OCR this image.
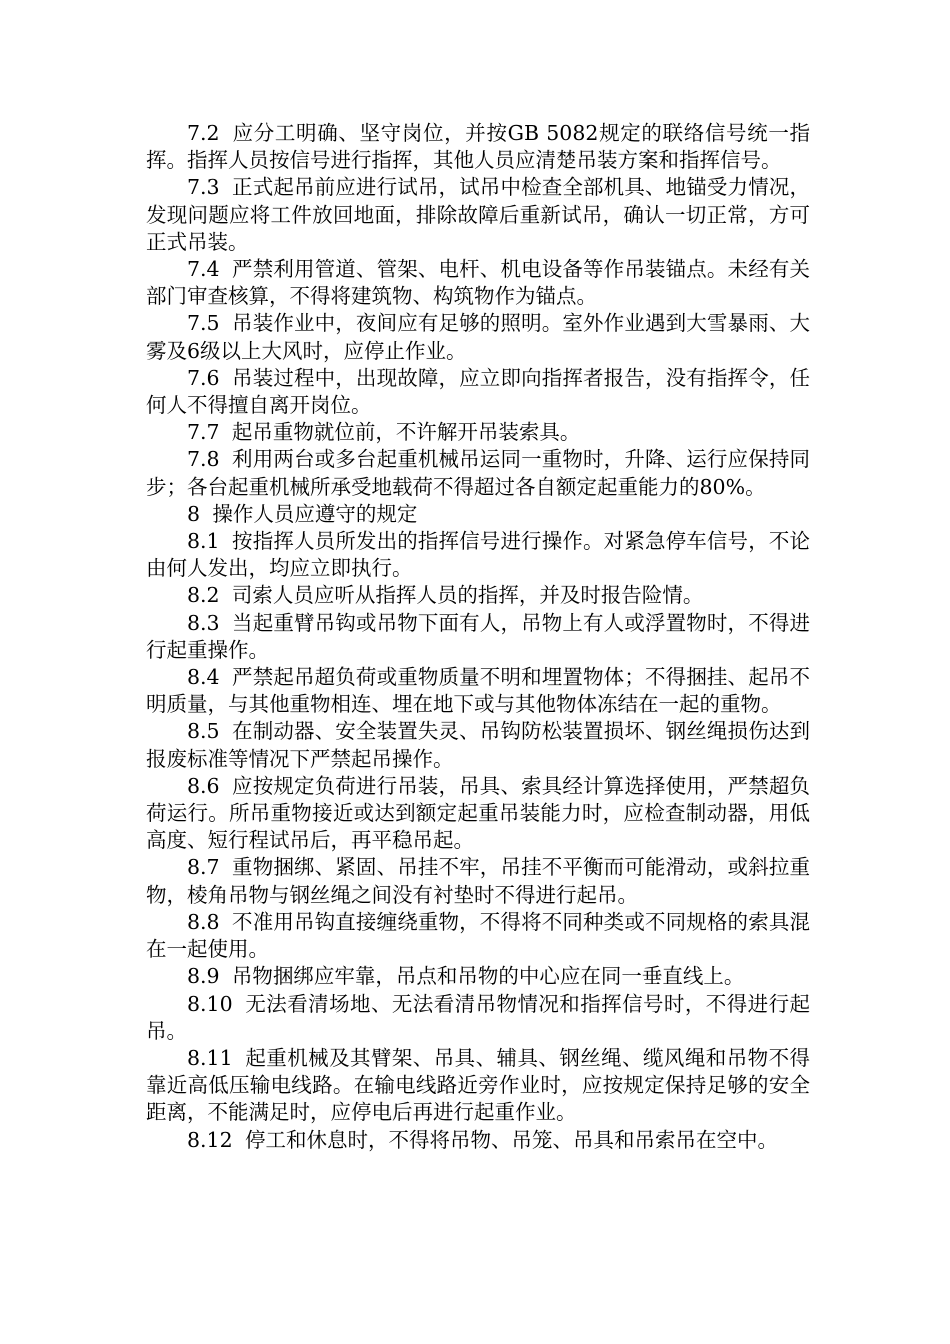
7.2 应分工明确、坚守岗位，并按GB 5082规定的联络信号统一指挥。指挥人员按信号进行指挥，其他人员应清楚吊装方案和指挥信号。

7.3 正式起吊前应进行试吊，试吊中检查全部机具、地锚受力情况，发现问题应将工件放回地面，排除故障后重新试吊，确认一切正常，方可正式吊装。

7.4 严禁利用管道、管架、电杆、机电设备等作吊装锚点。未经有关部门审查核算，不得将建筑物、构筑物作为锚点。

7.5 吊装作业中，夜间应有足够的照明。室外作业遇到大雪暴雨、大雾及6级以上大风时，应停止作业。

7.6 吊装过程中，出现故障，应立即向指挥者报告，没有指挥令，任何人不得擅自离开岗位。

7.7 起吊重物就位前，不许解开吊装索具。

7.8 利用两台或多台起重机械吊运同一重物时，升降、运行应保持同步；各台起重机械所承受地载荷不得超过各自额定起重能力的80%。

8 操作人员应遵守的规定

8.1 按指挥人员所发出的指挥信号进行操作。对紧急停车信号，不论由何人发出，均应立即执行。

8.2 司索人员应听从指挥人员的指挥，并及时报告险情。

8.3 当起重臂吊钩或吊物下面有人，吊物上有人或浮置物时，不得进行起重操作。

8.4 严禁起吊超负荷或重物质量不明和埋置物体；不得捆挂、起吊不明质量，与其他重物相连、埋在地下或与其他物体冻结在一起的重物。

8.5 在制动器、安全装置失灵、吊钩防松装置损坏、钢丝绳损伤达到报废标准等情况下严禁起吊操作。

8.6 应按规定负荷进行吊装，吊具、索具经计算选择使用，严禁超负荷运行。所吊重物接近或达到额定起重吊装能力时，应检查制动器，用低高度、短行程试吊后，再平稳吊起。

8.7 重物捆绑、紧固、吊挂不牢，吊挂不平衡而可能滑动，或斜拉重物，棱角吊物与钢丝绳之间没有衬垫时不得进行起吊。

8.8 不准用吊钩直接缠绕重物，不得将不同种类或不同规格的索具混在一起使用。

8.9 吊物捆绑应牢靠，吊点和吊物的中心应在同一垂直线上。

8.10 无法看清场地、无法看清吊物情况和指挥信号时，不得进行起吊。

8.11 起重机械及其臂架、吊具、辅具、钢丝绳、缆风绳和吊物不得靠近高低压输电线路。在输电线路近旁作业时，应按规定保持足够的安全距离，不能满足时，应停电后再进行起重作业。

8.12 停工和休息时，不得将吊物、吊笼、吊具和吊索吊在空中。
